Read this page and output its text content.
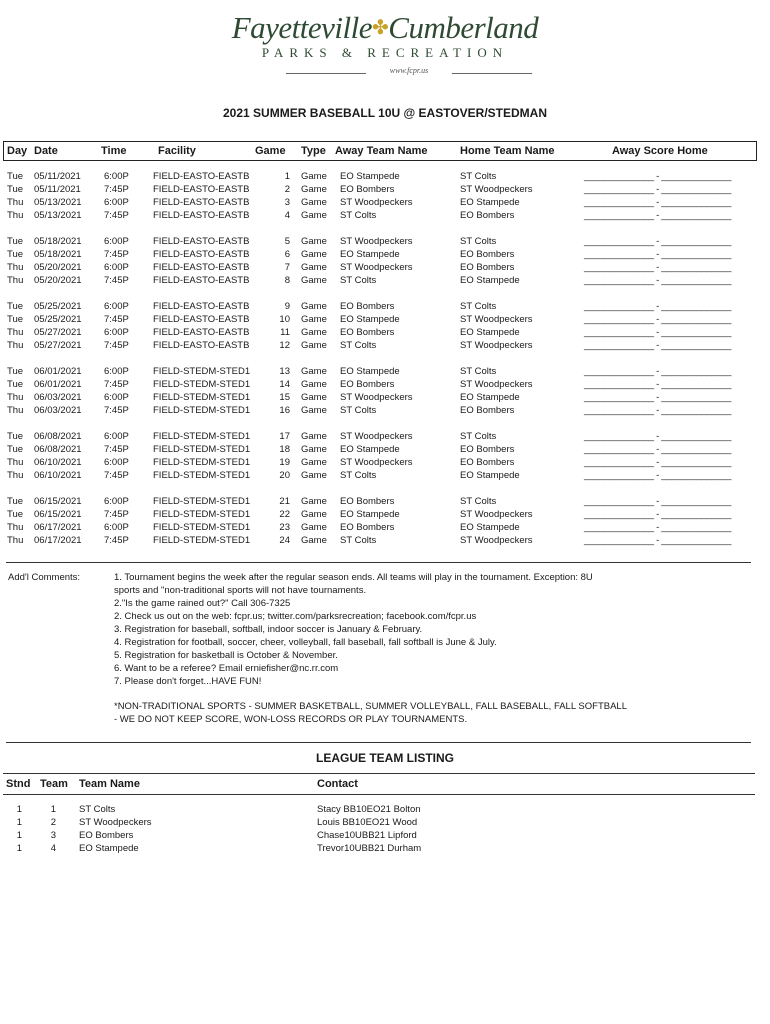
Fayetteville✤Cumberland
PARKS & RECREATION
www.fcpr.us
2021 SUMMER BASEBALL 10U @ EASTOVER/STEDMAN
Day Date	Time	Facility	Game Type Away Team Name	Home Team Name	Away Score Home
Tue 05/11/2021 6:00P	FIELD-EASTO-EASTB	1 Game EO Stampede	ST Colts	______________ - ______________
Tue 05/11/2021 7:45P	FIELD-EASTO-EASTB	2 Game EO Bombers	ST Woodpeckers	______________ - ______________
Thu 05/13/2021 6:00P	FIELD-EASTO-EASTB	3 Game ST Woodpeckers	EO Stampede	______________ - ______________
Thu 05/13/2021 7:45P	FIELD-EASTO-EASTB	4 Game ST Colts	EO Bombers	______________ - ______________
Tue 05/18/2021 6:00P	FIELD-EASTO-EASTB	5 Game ST Woodpeckers	ST Colts	______________ - ______________
Tue 05/18/2021 7:45P	FIELD-EASTO-EASTB	6 Game EO Stampede	EO Bombers	______________ - ______________
Thu 05/20/2021 6:00P	FIELD-EASTO-EASTB	7 Game ST Woodpeckers	EO Bombers	______________ - ______________
Thu 05/20/2021 7:45P	FIELD-EASTO-EASTB	8 Game ST Colts	EO Stampede	______________ - ______________
Tue 05/25/2021 6:00P	FIELD-EASTO-EASTB	9 Game EO Bombers	ST Colts	______________ - ______________
Tue 05/25/2021 7:45P	FIELD-EASTO-EASTB	10 Game EO Stampede	ST Woodpeckers	______________ - ______________
Thu 05/27/2021 6:00P	FIELD-EASTO-EASTB	11 Game EO Bombers	EO Stampede	______________ - ______________
Thu 05/27/2021 7:45P	FIELD-EASTO-EASTB	12 Game ST Colts	ST Woodpeckers	______________ - ______________
Tue 06/01/2021 6:00P	FIELD-STEDM-STED1	13 Game EO Stampede	ST Colts	______________ - ______________
Tue 06/01/2021 7:45P	FIELD-STEDM-STED1	14 Game EO Bombers	ST Woodpeckers	______________ - ______________
Thu 06/03/2021 6:00P	FIELD-STEDM-STED1	15 Game ST Woodpeckers	EO Stampede	______________ - ______________
Thu 06/03/2021 7:45P	FIELD-STEDM-STED1	16 Game ST Colts	EO Bombers	______________ - ______________
Tue 06/08/2021 6:00P	FIELD-STEDM-STED1	17 Game ST Woodpeckers	ST Colts	______________ - ______________
Tue 06/08/2021 7:45P	FIELD-STEDM-STED1	18 Game EO Stampede	EO Bombers	______________ - ______________
Thu 06/10/2021 6:00P	FIELD-STEDM-STED1	19 Game ST Woodpeckers	EO Bombers	______________ - ______________
Thu 06/10/2021 7:45P	FIELD-STEDM-STED1	20 Game ST Colts	EO Stampede	______________ - ______________
Tue 06/15/2021 6:00P	FIELD-STEDM-STED1	21 Game EO Bombers	ST Colts	______________ - ______________
Tue 06/15/2021 7:45P	FIELD-STEDM-STED1	22 Game EO Stampede	ST Woodpeckers	______________ - ______________
Thu 06/17/2021 6:00P	FIELD-STEDM-STED1	23 Game EO Bombers	EO Stampede	______________ - ______________
Thu 06/17/2021 7:45P	FIELD-STEDM-STED1	24 Game ST Colts	ST Woodpeckers	______________ - ______________
Add'l Comments:	1. Tournament begins the week after the regular season ends. All teams will play in the tournament. Exception: 8U
sports and "non-traditional sports will not have tournaments.
2."Is the game rained out?" Call 306-7325
2. Check us out on the web: fcpr.us; twitter.com/parksrecreation; facebook.com/fcpr.us
3. Registration for baseball, softball, indoor soccer is January & February.
4. Registration for football, soccer, cheer, volleyball, fall baseball, fall softball is June & July.
5. Registration for basketball is October & November.
6. Want to be a referee? Email erniefisher@nc.rr.com
7. Please don't forget...HAVE FUN!
*NON-TRADITIONAL SPORTS - SUMMER BASKETBALL, SUMMER VOLLEYBALL, FALL BASEBALL, FALL SOFTBALL
- WE DO NOT KEEP SCORE, WON-LOSS RECORDS OR PLAY TOURNAMENTS.
LEAGUE TEAM LISTING
Stnd Team Team Name	Contact
1	1 ST Colts	Stacy BB10EO21 Bolton
1	2 ST Woodpeckers	Louis BB10EO21 Wood
1	3 EO Bombers	Chase10UBB21 Lipford
1	4 EO Stampede	Trevor10UBB21 Durham
